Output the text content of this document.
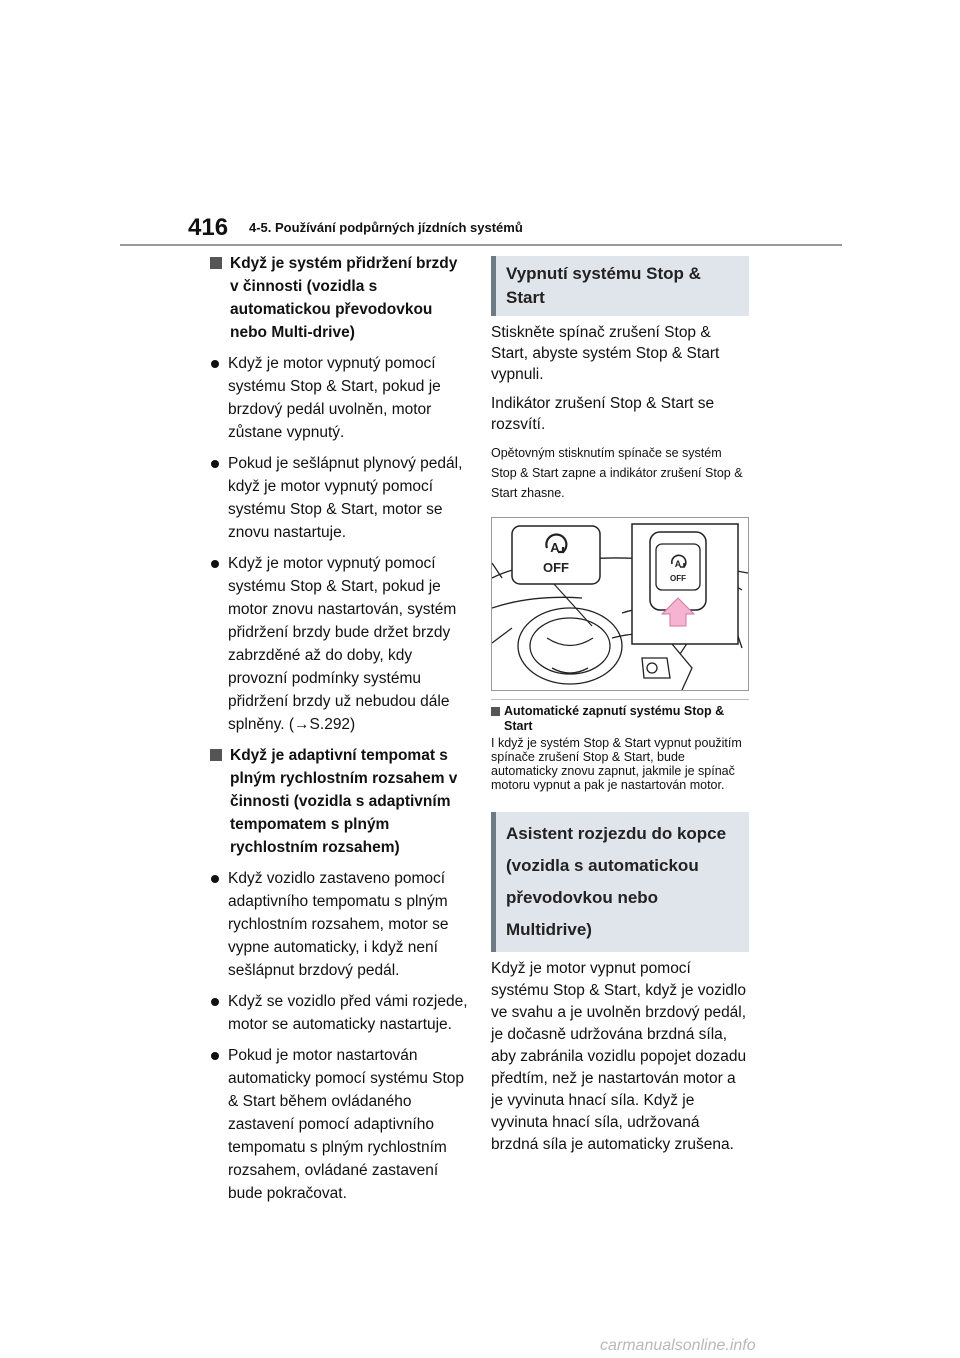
416 4-5. Používání podpůrných jízdních systémů
Když je systém přidržení brzdy v činnosti (vozidla s automatickou převodovkou nebo Multi-drive)
Když je motor vypnutý pomocí systému Stop & Start, pokud je brzdový pedál uvolněn, motor zůstane vypnutý.
Pokud je sešlápnut plynový pedál, když je motor vypnutý pomocí systému Stop & Start, motor se znovu nastartuje.
Když je motor vypnutý pomocí systému Stop & Start, pokud je motor znovu nastartován, systém přidržení brzdy bude držet brzdy zabrzděné až do doby, kdy provozní podmínky systému přidržení brzdy už nebudou dále splněny. (→S.292)
Když je adaptivní tempomat s plným rychlostním rozsahem v činnosti (vozidla s adaptivním tempomatem s plným rychlostním rozsahem)
Když vozidlo zastaveno pomocí adaptivního tempomatu s plným rychlostním rozsahem, motor se vypne automaticky, i když není sešlápnut brzdový pedál.
Když se vozidlo před vámi rozjede, motor se automaticky nastartuje.
Pokud je motor nastartován automaticky pomocí systému Stop & Start během ovládaného zastavení pomocí adaptivního tempomatu s plným rychlostním rozsahem, ovládané zastavení bude pokračovat.
Vypnutí systému Stop & Start

Stiskněte spínač zrušení Stop & Start, abyste systém Stop & Start vypnuli.

Indikátor zrušení Stop & Start se rozsvítí.

Opětovným stisknutím spínače se systém Stop & Start zapne a indikátor zrušení Stop & Start zhasne.

A
OFF	A
OFF
Automatické zapnutí systému Stop & Start

I když je systém Stop & Start vypnut použitím spínače zrušení Stop & Start, bude automaticky znovu zapnut, jakmile je spínač motoru vypnut a pak je nastartován motor.

Asistent rozjezdu do kopce (vozidla s automatickou převodovkou nebo Multidrive)

Když je motor vypnut pomocí systému Stop & Start, když je vozidlo ve svahu a je uvolněn brzdový pedál, je dočasně udržována brzdná síla, aby zabránila vozidlu popojet dozadu předtím, než je nastartován motor a je vyvinuta hnací síla. Když je vyvinuta hnací síla, udržovaná brzdná síla je automaticky zrušena.

carmanualsonline.info
